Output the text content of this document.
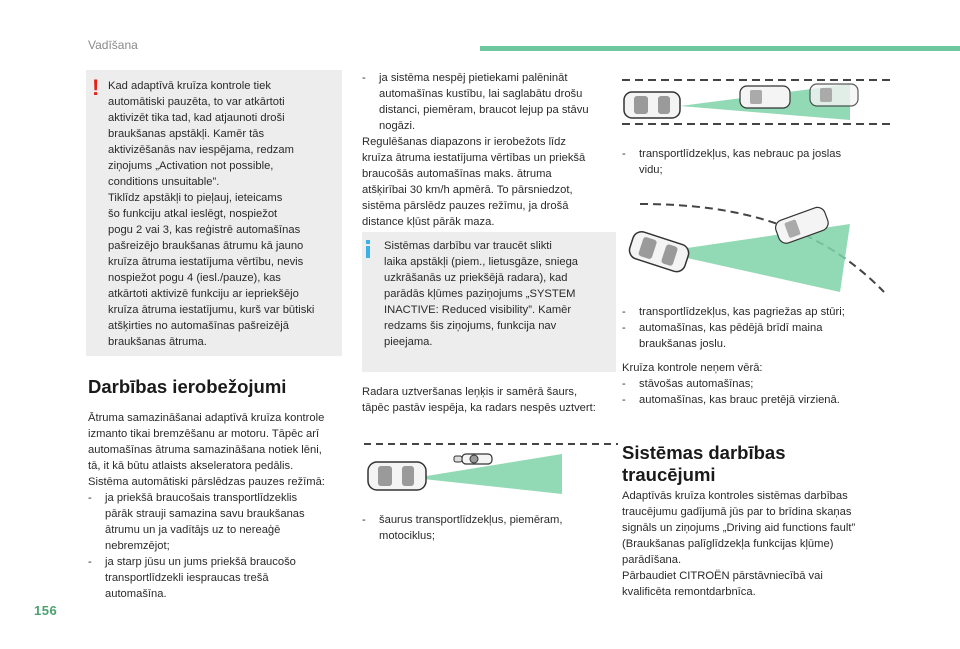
Vadīšana
! Kad adaptīvā kruīza kontrole tiek
automātiski pauzēta, to var atkārtoti
aktivizēt tika tad, kad atjaunoti droši
braukšanas apstākļi. Kamēr tās
aktivizēšanās nav iespējama, redzam
ziņojums „Activation not possible,
conditions unsuitable”.
Tiklīdz apstākļi to pieļauj, ieteicams
šo funkciju atkal ieslēgt, nospiežot
pogu 2 vai 3, kas reģistrē automašīnas
pašreizējo braukšanas ātrumu kā jauno
kruīza ātruma iestatījuma vērtību, nevis
nospiežot pogu 4 (iesl./pauze), kas
atkārtoti aktivizē funkciju ar iepriekšējo
kruīza ātruma iestatījumu, kurš var būtiski
atšķirties no automašīnas pašreizējā
braukšanas ātruma.
Darbības ierobežojumi
Ātruma samazināšanai adaptīvā kruīza kontrole
izmanto tikai bremzēšanu ar motoru. Tāpēc arī
automašīnas ātruma samazināšana notiek lēni,
tā, it kā būtu atlaists akseleratora pedālis.
Sistēma automātiski pārslēdzas pauzes režīmā:
- ja priekšā braucošais transportlīdzeklis
pārāk strauji samazina savu braukšanas
ātrumu un ja vadītājs uz to nereaģē
nebremzējot;
- ja starp jūsu un jums priekšā braucošo
transportlīdzekli iespraucas trešā
automašīna.
- ja sistēma nespēj pietiekami palēnināt
automašīnas kustību, lai saglabātu drošu
distanci, piemēram, braucot lejup pa stāvu
nogāzi.
Regulēšanas diapazons ir ierobežots līdz
kruīza ātruma iestatījuma vērtības un priekšā
braucošās automašīnas maks. ātruma
atšķirībai 30 km/h apmērā. To pārsniedzot,
sistēma pārslēdz pauzes režīmu, ja drošā
distance kļūst pārāk maza.
Sistēmas darbību var traucēt slikti
laika apstākļi (piem., lietusgāze, sniega
uzkrāšanās uz priekšējā radara), kad
parādās kļūmes paziņojums „SYSTEM
INACTIVE: Reduced visibility”. Kamēr
redzams šis ziņojums, funkcija nav
pieejama.
Radara uztveršanas leņķis ir samērā šaurs,
tāpēc pastāv iespēja, ka radars nespēs uztvert:
- šaurus transportlīdzekļus, piemēram,
motociklus;
- transportlīdzekļus, kas nebrauc pa joslas
vidu;
- transportlīdzekļus, kas pagriežas ap stūri;
- automašīnas, kas pēdējā brīdī maina
braukšanas joslu.
Kruīza kontrole neņem vērā:
- stāvošas automašīnas;
- automašīnas, kas brauc pretējā virzienā.
Sistēmas darbības
traucējumi
Adaptīvās kruīza kontroles sistēmas darbības
traucējumu gadījumā jūs par to brīdina skaņas
signāls un ziņojums „Driving aid functions fault”
(Braukšanas palīglīdzekļa funkcijas kļūme)
parādīšana.
Pārbaudiet CITROËN pārstāvniecībā vai
kvalificēta remontdarbnīca.
156
